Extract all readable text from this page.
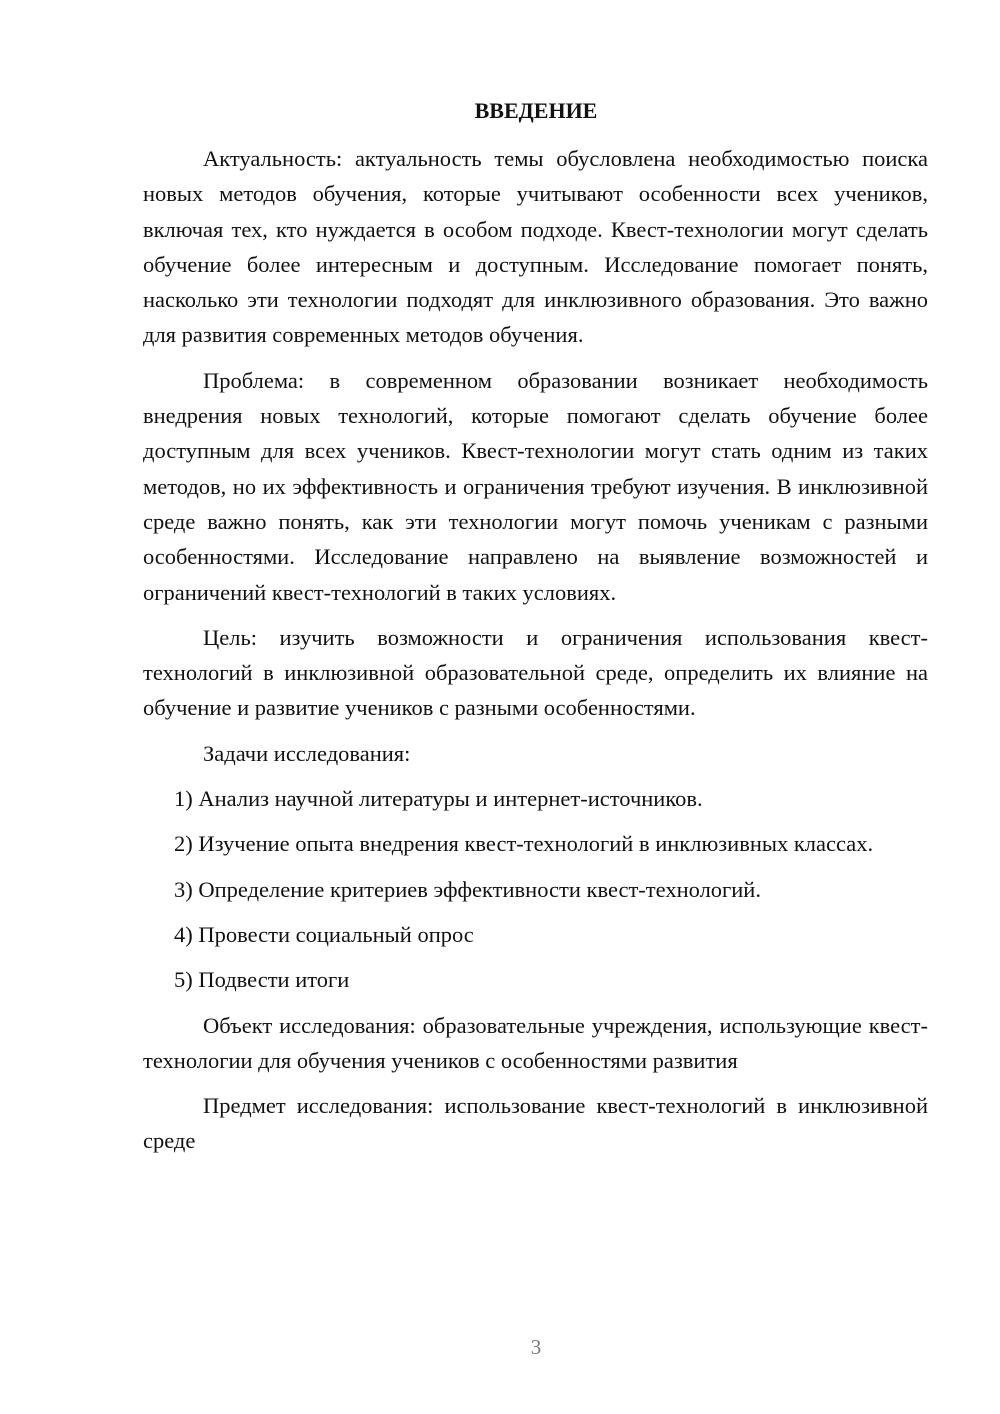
ВВЕДЕНИЕ

Актуальность: актуальность темы обусловлена необходимостью поиска новых методов обучения, которые учитывают особенности всех учеников, включая тех, кто нуждается в особом подходе. Квест-технологии могут сделать обучение более интересным и доступным. Исследование помогает понять, насколько эти технологии подходят для инклюзивного образования. Это важно для развития современных методов обучения.

Проблема: в современном образовании возникает необходимость внедрения новых технологий, которые помогают сделать обучение более доступным для всех учеников. Квест-технологии могут стать одним из таких методов, но их эффективность и ограничения требуют изучения. В инклюзивной среде важно понять, как эти технологии могут помочь ученикам с разными особенностями. Исследование направлено на выявление возможностей и ограничений квест-технологий в таких условиях.

Цель: изучить возможности и ограничения использования квест-технологий в инклюзивной образовательной среде, определить их влияние на обучение и развитие учеников с разными особенностями.

Задачи исследования:

1) Анализ научной литературы и интернет-источников.

2) Изучение опыта внедрения квест-технологий в инклюзивных классах.

3) Определение критериев эффективности квест-технологий.

4) Провести социальный опрос

5) Подвести итоги

Объект исследования: образовательные учреждения, использующие квест-технологии для обучения учеников с особенностями развития

Предмет исследования: использование квест-технологий в инклюзивной среде

3
